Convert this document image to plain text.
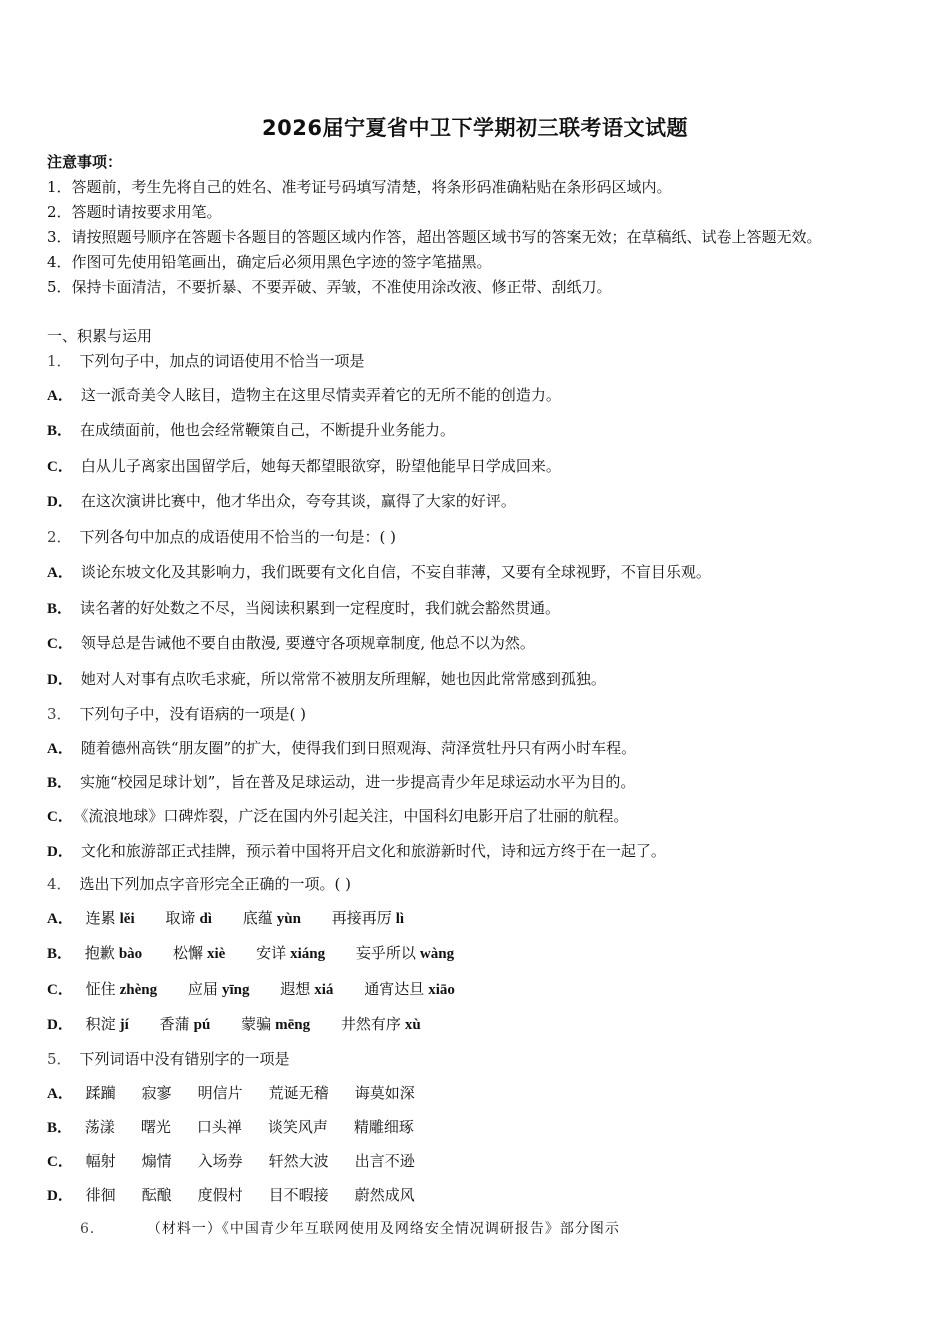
2026届宁夏省中卫下学期初三联考语文试题
注意事项：
1．答题前，考生先将自己的姓名、准考证号码填写清楚，将条形码准确粘贴在条形码区域内。
2．答题时请按要求用笔。
3．请按照题号顺序在答题卡各题目的答题区域内作答，超出答题区域书写的答案无效；在草稿纸、试卷上答题无效。
4．作图可先使用铅笔画出，确定后必须用黑色字迹的签字笔描黑。
5．保持卡面清洁，不要折暴、不要弄破、弄皱，不准使用涂改液、修正带、刮纸刀。
一、积累与运用
1． 下列句子中，加点的词语使用不恰当一项是
A． 这一派奇美令人眩目，造物主在这里尽情卖弄着它的无所不能的创造力。
B． 在成绩面前，他也会经常鞭策自己，不断提升业务能力。
C． 白从儿子离家出国留学后，她每天都望眼欲穿，盼望他能早日学成回来。
D． 在这次演讲比赛中，他才华出众，夸夸其谈，赢得了大家的好评。
2． 下列各句中加点的成语使用不恰当的一句是：( )
A． 谈论东坡文化及其影响力，我们既要有文化自信，不妄自菲薄，又要有全球视野，不盲目乐观。
B． 读名著的好处数之不尽，当阅读积累到一定程度时，我们就会豁然贯通。
C． 领导总是告诫他不要自由散漫, 要遵守各项规章制度, 他总不以为然。
D． 她对人对事有点吹毛求疵，所以常常不被朋友所理解，她也因此常常感到孤独。
3． 下列句子中，没有语病的一项是( )
A． 随着德州高铁“朋友圈”的扩大，使得我们到日照观海、菏泽赏牡丹只有两小时车程。
B． 实施“校园足球计划”，旨在普及足球运动，进一步提高青少年足球运动水平为目的。
C． 《流浪地球》口碑炸裂，广泛在国内外引起关注，中国科幻电影开启了壮丽的航程。
D． 文化和旅游部正式挂牌，预示着中国将开启文化和旅游新时代，诗和远方终于在一起了。
4． 选出下列加点字音形完全正确的一项。( )
A． 连累 lěi 取谛 dì 底蕴 yùn 再接再厉 lì
B． 抱歉 bào 松懈 xiè 安详 xiáng 妄乎所以 wàng
C． 怔住 zhèng 应届 yīng 遐想 xiá 通宵达旦 xiāo
D． 积淀 jí 香蒲 pú 蒙骗 mēng 井然有序 xù
5． 下列词语中没有错别字的一项是
A． 蹂躏 寂寥 明信片 荒诞无稽 诲莫如深
B． 荡漾 曙光 口头禅 谈笑风声 精雕细琢
C． 幅射 煽情 入场券 轩然大波 出言不逊
D． 徘徊 酝酿 度假村 目不暇接 蔚然成风
6．	（材料一）《中国青少年互联网使用及网络安全情况调研报告》部分图示
